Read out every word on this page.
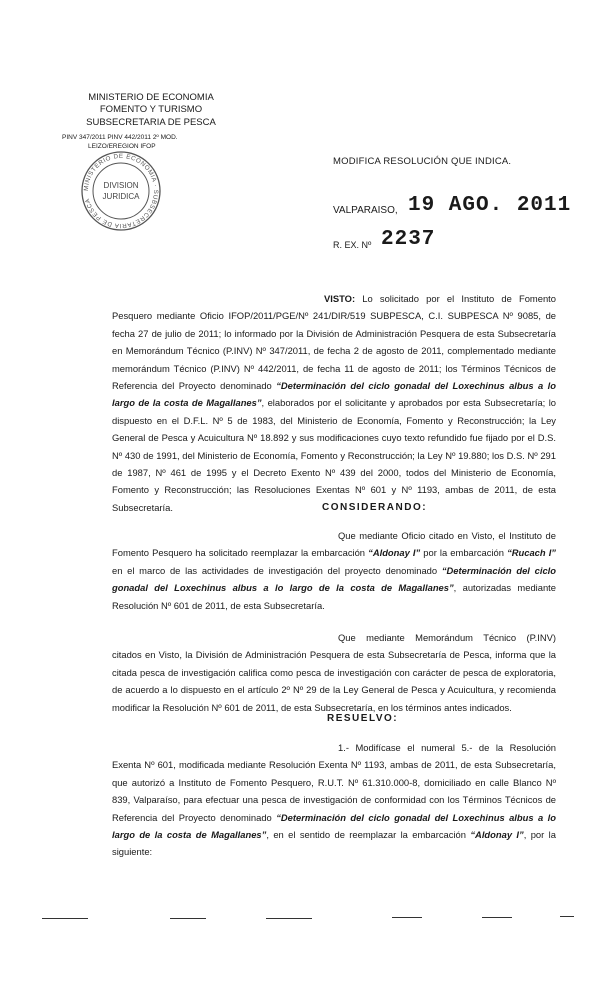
MINISTERIO DE ECONOMIA
FOMENTO Y TURISMO
SUBSECRETARIA DE PESCA
PINV 347/2011 PINV 442/2011 2º MOD.
LEIZO/EREGION IFOP
MINISTERIO DE ECONOMIA · SUBSECRETARIA DE PESCA
DIVISION
JURIDICA
MODIFICA RESOLUCIÓN QUE INDICA.
VALPARAISO, 19 AGO. 2011
R. EX. Nº 2237
VISTO: Lo solicitado por el Instituto de Fomento Pesquero mediante Oficio IFOP/2011/PGE/Nº 241/DIR/519 SUBPESCA, C.I. SUBPESCA Nº 9085, de fecha 27 de julio de 2011; lo informado por la División de Administración Pesquera de esta Subsecretaría en Memorándum Técnico (P.INV) Nº 347/2011, de fecha 2 de agosto de 2011, complementado mediante memorándum Técnico (P.INV) Nº 442/2011, de fecha 11 de agosto de 2011; los Términos Técnicos de Referencia del Proyecto denominado “Determinación del ciclo gonadal del Loxechinus albus a lo largo de la costa de Magallanes”, elaborados por el solicitante y aprobados por esta Subsecretaría; lo dispuesto en el D.F.L. Nº 5 de 1983, del Ministerio de Economía, Fomento y Reconstrucción; la Ley General de Pesca y Acuicultura Nº 18.892 y sus modificaciones cuyo texto refundido fue fijado por el D.S. Nº 430 de 1991, del Ministerio de Economía, Fomento y Reconstrucción; la Ley Nº 19.880; los D.S. Nº 291 de 1987, Nº 461 de 1995 y el Decreto Exento Nº 439 del 2000, todos del Ministerio de Economía, Fomento y Reconstrucción; las Resoluciones Exentas Nº 601 y Nº 1193, ambas de 2011, de esta Subsecretaría.	CONSIDERANDO:
Que mediante Oficio citado en Visto, el Instituto de Fomento Pesquero ha solicitado reemplazar la embarcación “Aldonay I” por la embarcación “Rucach I” en el marco de las actividades de investigación del proyecto denominado “Determinación del ciclo gonadal del Loxechinus albus a lo largo de la costa de Magallanes”, autorizadas mediante Resolución Nº 601 de 2011, de esta Subsecretaría.
Que mediante Memorándum Técnico (P.INV) citados en Visto, la División de Administración Pesquera de esta Subsecretaría de Pesca, informa que la citada pesca de investigación califica como pesca de investigación con carácter de pesca de exploratoria, de acuerdo a lo dispuesto en el artículo 2º Nº 29 de la Ley General de Pesca y Acuicultura, y recomienda modificar la Resolución Nº 601 de 2011, de esta Subsecretaría, en los términos antes indicados.
RESUELVO:
1.- Modifícase el numeral 5.- de la Resolución Exenta Nº 601, modificada mediante Resolución Exenta Nº 1193, ambas de 2011, de esta Subsecretaría, que autorizó a Instituto de Fomento Pesquero, R.U.T. Nº 61.310.000-8, domiciliado en calle Blanco Nº 839, Valparaíso, para efectuar una pesca de investigación de conformidad con los Términos Técnicos de Referencia del Proyecto denominado “Determinación del ciclo gonadal del Loxechinus albus a lo largo de la costa de Magallanes”, en el sentido de reemplazar la embarcación “Aldonay I”, por la siguiente:
